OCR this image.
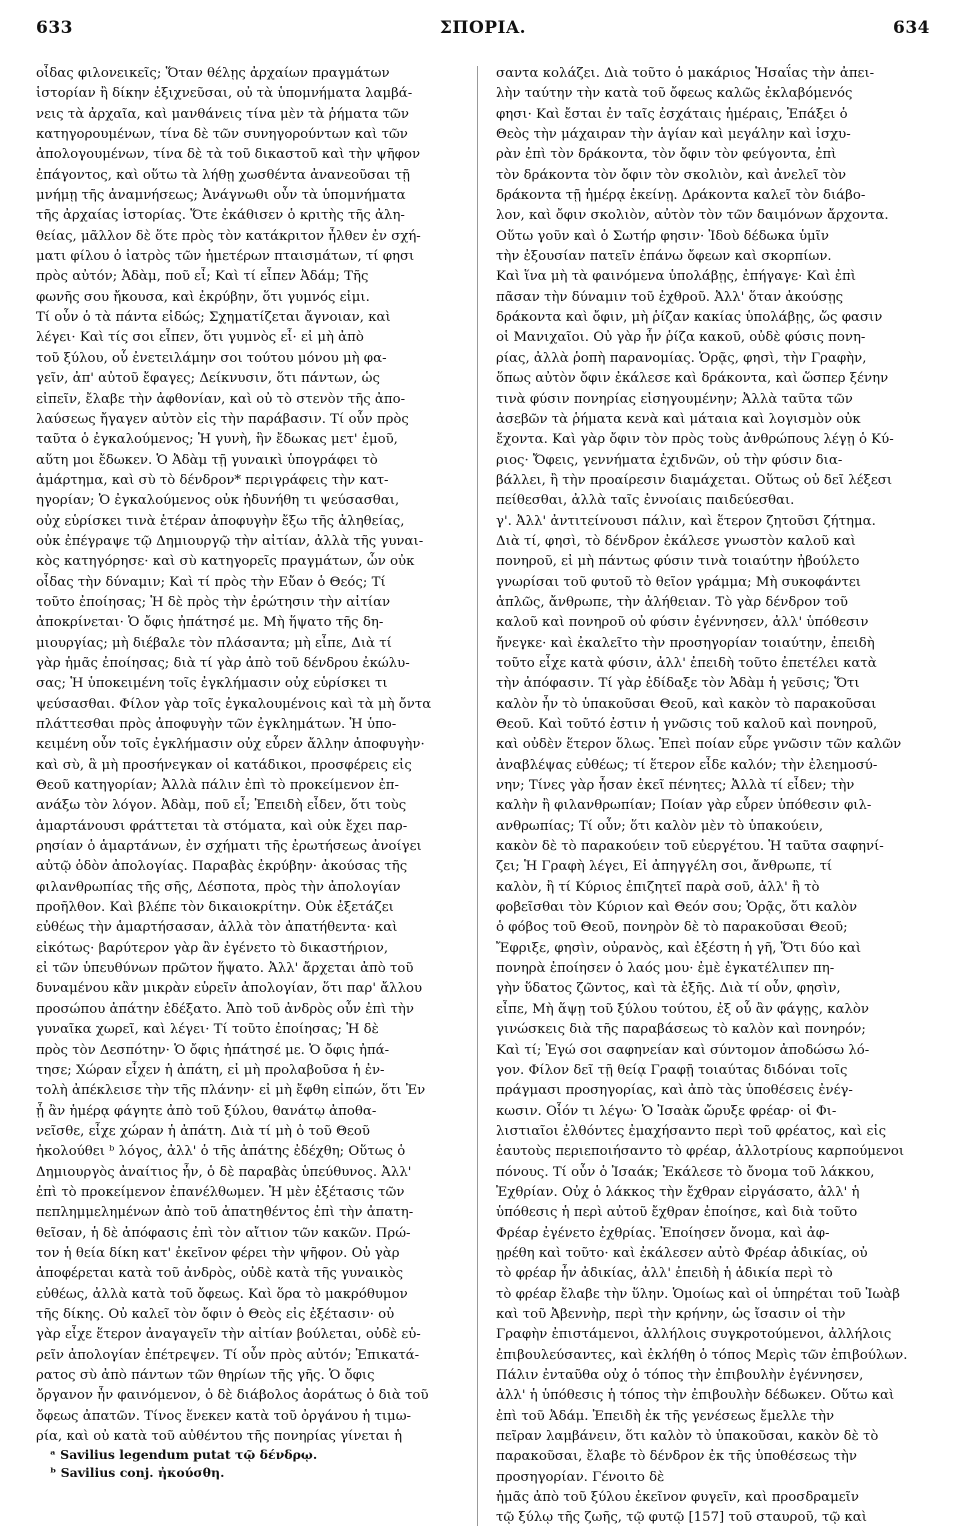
633	ΣΠΟΡΙΑ.	634
οἶδας φιλονεικεῖς; Ὅταν θέλῃς ἀρχαίων πραγμάτων
ἱστορίαν ἢ δίκην ἐξιχνεῦσαι, οὐ τὰ ὑπομνήματα λαμβά-
νεις τὰ ἀρχαῖα, καὶ μανθάνεις τίνα μὲν τὰ ῥήματα τῶν
κατηγορουμένων, τίνα δὲ τῶν συνηγορούντων καὶ τῶν
ἀπολογουμένων, τίνα δὲ τὰ τοῦ δικαστοῦ καὶ τὴν ψῆφον
ἐπάγοντος, καὶ οὕτω τὰ λήθῃ χωσθέντα ἀνανεοῦσαι τῇ
μνήμῃ τῆς ἀναμνήσεως; Ἀνάγνωθι οὖν τὰ ὑπομνήματα
τῆς ἀρχαίας ἱστορίας. Ὅτε ἐκάθισεν ὁ κριτὴς τῆς ἀλη-
θείας, μᾶλλον δὲ ὅτε πρὸς τὸν κατάκριτον ἦλθεν ἐν σχή-
ματι φίλου ὁ ἰατρὸς τῶν ἡμετέρων πταισμάτων, τί φησι
πρὸς αὐτόν; Ἀδὰμ, ποῦ εἶ; Καὶ τί εἶπεν Ἀδάμ; Τῆς
φωνῆς σου ἤκουσα, καὶ ἐκρύβην, ὅτι γυμνός εἰμι.
Τί οὖν ὁ τὰ πάντα εἰδώς; Σχηματίζεται ἄγνοιαν, καὶ
λέγει· Καὶ τίς σοι εἶπεν, ὅτι γυμνὸς εἶ· εἰ μὴ ἀπὸ
τοῦ ξύλου, οὗ ἐνετειλάμην σοι τούτου μόνου μὴ φα-
γεῖν, ἀπ' αὐτοῦ ἔφαγες; Δείκνυσιν, ὅτι πάντων, ὡς
εἰπεῖν, ἔλαβε τὴν ἀφθονίαν, καὶ οὐ τὸ στενὸν τῆς ἀπο-
λαύσεως ἤγαγεν αὐτὸν εἰς τὴν παράβασιν. Τί οὖν πρὸς
ταῦτα ὁ ἐγκαλούμενος; Ἡ γυνὴ, ἣν ἔδωκας μετ' ἐμοῦ,
αὕτη μοι ἔδωκεν. Ὁ Ἀδὰμ τῇ γυναικὶ ὑπογράφει τὸ
ἁμάρτημα, καὶ σὺ τὸ δένδρον* περιγράφεις τὴν κατ-
ηγορίαν; Ὁ ἐγκαλούμενος οὐκ ἠδυνήθη τι ψεύσασθαι,
οὐχ εὑρίσκει τινὰ ἑτέραν ἀποφυγὴν ἔξω τῆς ἀληθείας,
οὐκ ἐπέγραψε τῷ Δημιουργῷ τὴν αἰτίαν, ἀλλὰ τῆς γυναι-
κὸς κατηγόρησε· καὶ σὺ κατηγορεῖς πραγμάτων, ὧν οὐκ
οἶδας τὴν δύναμιν; Καὶ τί πρὸς τὴν Εὔαν ὁ Θεός; Τί
τοῦτο ἐποίησας; Ἡ δὲ πρὸς τὴν ἐρώτησιν τὴν αἰτίαν
ἀποκρίνεται· Ὁ ὄφις ἠπάτησέ με. Μὴ ἥψατο τῆς δη-
μιουργίας; μὴ διέβαλε τὸν πλάσαντα; μὴ εἶπε, Διὰ τί
γὰρ ἡμᾶς ἐποίησας; διὰ τί γὰρ ἀπὸ τοῦ δένδρου ἐκώλυ-
σας; Ἡ ὑποκειμένη τοῖς ἐγκλήμασιν οὐχ εὑρίσκει τι
ψεύσασθαι. Φίλον γὰρ τοῖς ἐγκαλουμένοις καὶ τὰ μὴ ὄντα
πλάττεσθαι πρὸς ἀποφυγὴν τῶν ἐγκλημάτων. Ἡ ὑπο-
κειμένη οὖν τοῖς ἐγκλήμασιν οὐχ εὗρεν ἄλλην ἀποφυγὴν·
καὶ σὺ, ἃ μὴ προσήνεγκαν οἱ κατάδικοι, προσφέρεις εἰς
Θεοῦ κατηγορίαν; Ἀλλὰ πάλιν ἐπὶ τὸ προκείμενον ἐπ-
ανάξω τὸν λόγον. Ἀδὰμ, ποῦ εἶ; Ἐπειδὴ εἶδεν, ὅτι τοὺς
ἁμαρτάνουσι φράττεται τὰ στόματα, καὶ οὐκ ἔχει παρ-
ρησίαν ὁ ἁμαρτάνων, ἐν σχήματι τῆς ἐρωτήσεως ἀνοίγει
αὐτῷ ὁδὸν ἀπολογίας. Παραβὰς ἐκρύβην· ἀκούσας τῆς
φιλανθρωπίας τῆς σῆς, Δέσποτα, πρὸς τὴν ἀπολογίαν
προῆλθον. Καὶ βλέπε τὸν δικαιοκρίτην. Οὐκ ἐξετάζει
εὐθέως τὴν ἁμαρτήσασαν, ἀλλὰ τὸν ἀπατήθεντα· καὶ
εἰκότως· βαρύτερον γὰρ ἂν ἐγένετο τὸ δικαστήριον,
εἰ τῶν ὑπευθύνων πρῶτον ἥψατο. Ἀλλ' ἄρχεται ἀπὸ τοῦ
δυναμένου κἂν μικρὰν εὑρεῖν ἀπολογίαν, ὅτι παρ' ἄλλου
προσώπου ἀπάτην ἐδέξατο. Ἀπὸ τοῦ ἀνδρὸς οὖν ἐπὶ τὴν
γυναῖκα χωρεῖ, καὶ λέγει· Τί τοῦτο ἐποίησας; Ἡ δὲ
πρὸς τὸν Δεσπότην· Ὁ ὄφις ἠπάτησέ με. Ὁ ὄφις ἠπά-
τησε; Χώραν εἶχεν ἡ ἀπάτη, εἰ μὴ προλαβοῦσα ἡ ἐν-
τολὴ ἀπέκλεισε τὴν τῆς πλάνην· εἰ μὴ ἔφθη εἰπών, ὅτι Ἐν
ᾗ ἂν ἡμέρᾳ φάγητε ἀπὸ τοῦ ξύλου, θανάτῳ ἀποθα-
νεῖσθε, εἶχε χώραν ἡ ἀπάτη. Διὰ τί μὴ ὁ τοῦ Θεοῦ
ἠκολούθει ᵇ λόγος, ἀλλ' ὁ τῆς ἀπάτης ἐδέχθη; Οὕτως ὁ
Δημιουργὸς ἀναίτιος ἦν, ὁ δὲ παραβὰς ὑπεύθυνος. Ἀλλ'
ἐπὶ τὸ προκείμενον ἐπανέλθωμεν. Ἡ μὲν ἐξέτασις τῶν
πεπλημμελημένων ἀπὸ τοῦ ἀπατηθέντος ἐπὶ τὴν ἀπατη-
θεῖσαν, ἡ δὲ ἀπόφασις ἐπὶ τὸν αἴτιον τῶν κακῶν. Πρώ-
τον ἡ θεία δίκη κατ' ἐκεῖνον φέρει τὴν ψῆφον. Οὐ γὰρ
ἀποφέρεται κατὰ τοῦ ἀνδρὸς, οὐδὲ κατὰ τῆς γυναικὸς
εὐθέως, ἀλλὰ κατὰ τοῦ ὄφεως. Καὶ ὅρα τὸ μακρόθυμον
τῆς δίκης. Οὐ καλεῖ τὸν ὄφιν ὁ Θεὸς εἰς ἐξέτασιν· οὐ
γὰρ εἶχε ἕτερον ἀναγαγεῖν τὴν αἰτίαν βούλεται, οὐδὲ εὑ-
ρεῖν ἀπολογίαν ἐπέτρεψεν. Τί οὖν πρὸς αὐτόν; Ἐπικατά-
ρατος σὺ ἀπὸ πάντων τῶν θηρίων τῆς γῆς. Ὁ ὄφις
ὄργανον ἦν φαινόμενον, ὁ δὲ διάβολος ἀοράτως ὁ διὰ τοῦ
ὄφεως ἀπατῶν. Τίνος ἕνεκεν κατὰ τοῦ ὀργάνου ἡ τιμω-
ρία, καὶ οὐ κατὰ τοῦ αὐθέντου τῆς πονηρίας γίνεται ἡ
σαντα κολάζει. Διὰ τοῦτο ὁ μακάριος Ἡσαΐας τὴν ἀπει-
λὴν ταύτην τὴν κατὰ τοῦ ὄφεως καλῶς ἐκλαβόμενός
φησι· Καὶ ἔσται ἐν ταῖς ἐσχάταις ἡμέραις, Ἐπάξει ὁ
Θεὸς τὴν μάχαιραν τὴν ἁγίαν καὶ μεγάλην καὶ ἰσχυ-
ρὰν ἐπὶ τὸν δράκοντα, τὸν ὄφιν τὸν φεύγοντα, ἐπὶ
τὸν δράκοντα τὸν ὄφιν τὸν σκολιὸν, καὶ ἀνελεῖ τὸν
δράκοντα τῇ ἡμέρᾳ ἐκείνῃ. Δράκοντα καλεῖ τὸν διάβο-
λον, καὶ ὄφιν σκολιὸν, αὐτὸν τὸν τῶν δαιμόνων ἄρχοντα.
Οὕτω γοῦν καὶ ὁ Σωτήρ φησιν· Ἰδοὺ δέδωκα ὑμῖν
τὴν ἐξουσίαν πατεῖν ἐπάνω ὄφεων καὶ σκορπίων.
Καὶ ἵνα μὴ τὰ φαινόμενα ὑπολάβῃς, ἐπήγαγε· Καὶ ἐπὶ
πᾶσαν τὴν δύναμιν τοῦ ἐχθροῦ. Ἀλλ' ὅταν ἀκούσῃς
δράκοντα καὶ ὄφιν, μὴ ῥίζαν κακίας ὑπολάβῃς, ὥς φασιν
οἱ Μανιχαῖοι. Οὐ γὰρ ἦν ῥίζα κακοῦ, οὐδὲ φύσις πονη-
ρίας, ἀλλὰ ῥοπὴ παρανομίας. Ὁρᾷς, φησὶ, τὴν Γραφὴν,
ὅπως αὐτὸν ὄφιν ἐκάλεσε καὶ δράκοντα, καὶ ὥσπερ ξένην
τινὰ φύσιν πονηρίας εἰσηγουμένην; Ἀλλὰ ταῦτα τῶν
ἀσεβῶν τὰ ῥήματα κενὰ καὶ μάταια καὶ λογισμὸν οὐκ
ἔχοντα. Καὶ γὰρ ὄφιν τὸν πρὸς τοὺς ἀνθρώπους λέγῃ ὁ Κύ-
ριος· Ὄφεις, γεννήματα ἐχιδνῶν, οὐ τὴν φύσιν δια-
βάλλει, ἢ τὴν προαίρεσιν διαμάχεται. Οὕτως οὐ δεῖ λέξεσι
πείθεσθαι, ἀλλὰ ταῖς ἐννοίαις παιδεύεσθαι.
γ'. Ἀλλ' ἀντιτείνουσι πάλιν, καὶ ἕτερον ζητοῦσι ζήτημα.
Διὰ τί, φησὶ, τὸ δένδρον ἐκάλεσε γνωστὸν καλοῦ καὶ
πονηροῦ, εἰ μὴ πάντως φύσιν τινὰ τοιαύτην ἠβούλετο
γνωρίσαι τοῦ φυτοῦ τὸ θεῖον γράμμα; Μὴ συκοφάντει
ἁπλῶς, ἄνθρωπε, τὴν ἀλήθειαν. Τὸ γὰρ δένδρον τοῦ
καλοῦ καὶ πονηροῦ οὐ φύσιν ἐγέννησεν, ἀλλ' ὑπόθεσιν
ἤνεγκε· καὶ ἐκαλεῖτο τὴν προσηγορίαν τοιαύτην, ἐπειδὴ
τοῦτο εἶχε κατὰ φύσιν, ἀλλ' ἐπειδὴ τοῦτο ἐπετέλει κατὰ
τὴν ἀπόφασιν. Τί γὰρ ἐδίδαξε τὸν Ἀδὰμ ἡ γεῦσις; Ὅτι
καλὸν ἦν τὸ ὑπακοῦσαι Θεοῦ, καὶ κακὸν τὸ παρακοῦσαι
Θεοῦ. Καὶ τοῦτό ἐστιν ἡ γνῶσις τοῦ καλοῦ καὶ πονηροῦ,
καὶ οὐδὲν ἕτερον ὅλως. Ἐπεὶ ποίαν εὗρε γνῶσιν τῶν καλῶν
ἀναβλέψας εὐθέως; τί ἕτερον εἶδε καλόν; τὴν ἐλεημοσύ-
νην; Τίνες γὰρ ἦσαν ἐκεῖ πένητες; Ἀλλὰ τί εἶδεν; τὴν
καλὴν ἢ φιλανθρωπίαν; Ποίαν γὰρ εὗρεν ὑπόθεσιν φιλ-
ανθρωπίας; Τί οὖν; ὅτι καλὸν μὲν τὸ ὑπακούειν,
κακὸν δὲ τὸ παρακούειν τοῦ εὐεργέτου. Ἡ ταῦτα σαφηνί-
ζει; Ἡ Γραφὴ λέγει, Εἰ ἀπηγγέλη σοι, ἄνθρωπε, τί
καλὸν, ἢ τί Κύριος ἐπιζητεῖ παρὰ σοῦ, ἀλλ' ἢ τὸ
φοβεῖσθαι τὸν Κύριον καὶ Θεόν σου; Ὁρᾷς, ὅτι καλὸν
ὁ φόβος τοῦ Θεοῦ, πονηρὸν δὲ τὸ παρακοῦσαι Θεοῦ;
Ἔφριξε, φησὶν, οὐρανὸς, καὶ ἐξέστη ἡ γῆ, Ὅτι δύο καὶ
πονηρὰ ἐποίησεν ὁ λαός μου· ἐμὲ ἐγκατέλιπεν πη-
γὴν ὕδατος ζῶντος, καὶ τὰ ἑξῆς. Διὰ τί οὖν, φησὶν,
εἶπε, Μὴ ἅψῃ τοῦ ξύλου τούτου, ἐξ οὗ ἂν φάγῃς, καλὸν
γινώσκεις διὰ τῆς παραβάσεως τὸ καλὸν καὶ πονηρόν;
Καὶ τί; Ἐγώ σοι σαφηνείαν καὶ σύντομον ἀποδώσω λό-
γον. Φίλον δεῖ τῇ θείᾳ Γραφῇ τοιαύτας διδόναι τοῖς
πράγμασι προσηγορίας, καὶ ἀπὸ τὰς ὑποθέσεις ἐνέγ-
κωσιν. Οἷόν τι λέγω· Ὁ Ἰσαὰκ ὤρυξε φρέαρ· οἱ Φι-
λιστιαῖοι ἐλθόντες ἐμαχήσαντο περὶ τοῦ φρέατος, καὶ εἰς
ἑαυτοὺς περιεποιήσαντο τὸ φρέαρ, ἀλλοτρίους καρπούμενοι
πόνους. Τί οὖν ὁ Ἰσαάκ; Ἐκάλεσε τὸ ὄνομα τοῦ λάκκου,
Ἐχθρίαν. Οὐχ ὁ λάκκος τὴν ἔχθραν εἰργάσατο, ἀλλ' ἡ
ὑπόθεσις ἡ περὶ αὐτοῦ ἔχθραν ἐποίησε, καὶ διὰ τοῦτο
Φρέαρ ἐγένετο ἐχθρίας. Ἐποίησεν ὄνομα, καὶ ἀφ-
ῃρέθη καὶ τοῦτο· καὶ ἐκάλεσεν αὐτὸ Φρέαρ ἀδικίας, οὐ
τὸ φρέαρ ἦν ἀδικίας, ἀλλ' ἐπειδὴ ἡ ἀδικία περὶ τὸ
τὸ φρέαρ ἔλαβε τὴν ὕλην. Ὁμοίως καὶ οἱ ὑπηρέται τοῦ Ἰωὰβ
καὶ τοῦ Ἀβεννὴρ, περὶ τὴν κρήνην, ὡς ἴσασιν οἱ τὴν
Γραφὴν ἐπιστάμενοι, ἀλλήλοις συγκροτούμενοι, ἀλλήλοις
ἐπιβουλεύσαντες, καὶ ἐκλήθη ὁ τόπος Μερὶς τῶν ἐπιβούλων.
Πάλιν ἐνταῦθα οὐχ ὁ τόπος τὴν ἐπιβουλὴν ἐγέννησεν,
ἀλλ' ἡ ὑπόθεσις ἡ τόπος τὴν ἐπιβουλὴν δέδωκεν. Οὕτω καὶ
ἐπὶ τοῦ Ἀδάμ. Ἐπειδὴ ἐκ τῆς γενέσεως ἔμελλε τὴν
πεῖραν λαμβάνειν, ὅτι καλὸν τὸ ὑπακοῦσαι, κακὸν δὲ τὸ
παρακοῦσαι, ἔλαβε τὸ δένδρον ἐκ τῆς ὑποθέσεως τὴν
προσηγορίαν. Γένοιτο δὲ
ἡμᾶς ἀπὸ τοῦ ξύλου ἐκεῖνον φυγεῖν, καὶ προσδραμεῖν
τῷ ξύλῳ τῆς ζωῆς, τῷ φυτῷ [157] τοῦ σταυροῦ, τῷ καὶ
ᵃ Savilius legendum putat τῷ δένδρῳ.
ᵇ Savilius conj. ἠκούσθη.
